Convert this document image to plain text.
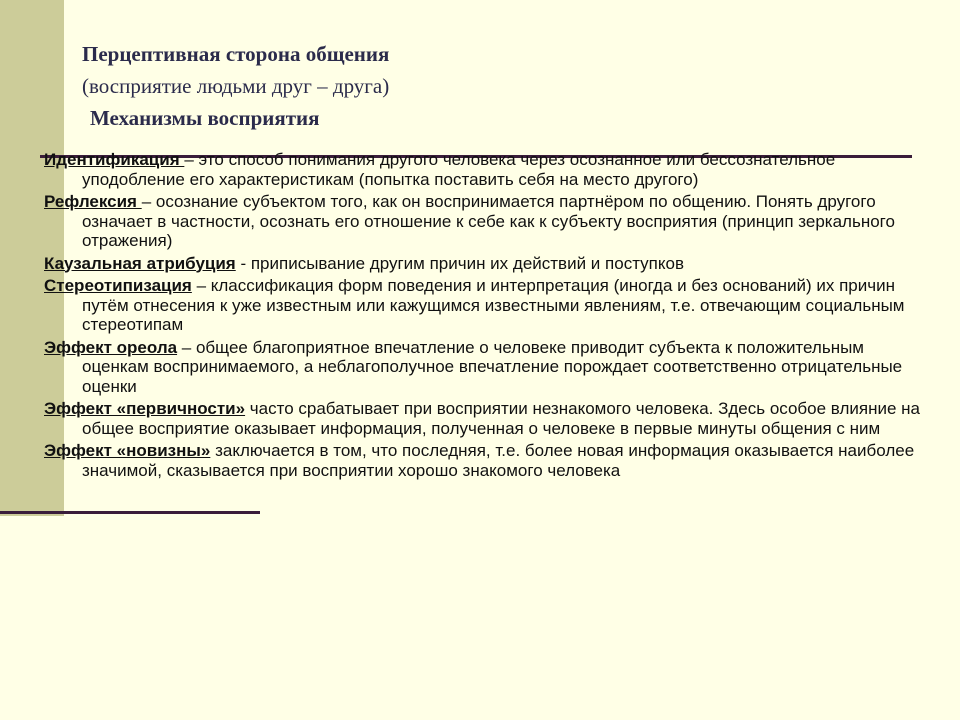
Перцептивная сторона общения
(восприятие людьми друг – друга)
Механизмы восприятия

Идентификация – это способ понимания другого человека через осознанное или бессознательное уподобление его характеристикам (попытка поставить себя на место другого)

Рефлексия – осознание субъектом того, как он воспринимается партнёром по общению. Понять другого означает в частности, осознать его отношение к себе как к субъекту восприятия (принцип зеркального отражения)

Каузальная атрибуция - приписывание другим причин их действий и поступков

Стереотипизация – классификация форм поведения и интерпретация (иногда и без оснований) их причин путём отнесения к уже известным или кажущимся известными явлениям, т.е. отвечающим социальным стереотипам

Эффект ореола – общее благоприятное впечатление о человеке приводит субъекта к положительным оценкам воспринимаемого, а неблагополучное впечатление порождает соответственно отрицательные оценки

Эффект «первичности» часто срабатывает при восприятии незнакомого человека. Здесь особое влияние на общее восприятие оказывает информация, полученная о человеке в первые минуты общения с ним

Эффект «новизны» заключается в том, что последняя, т.е. более новая информация оказывается наиболее значимой, сказывается при восприятии хорошо знакомого человека
